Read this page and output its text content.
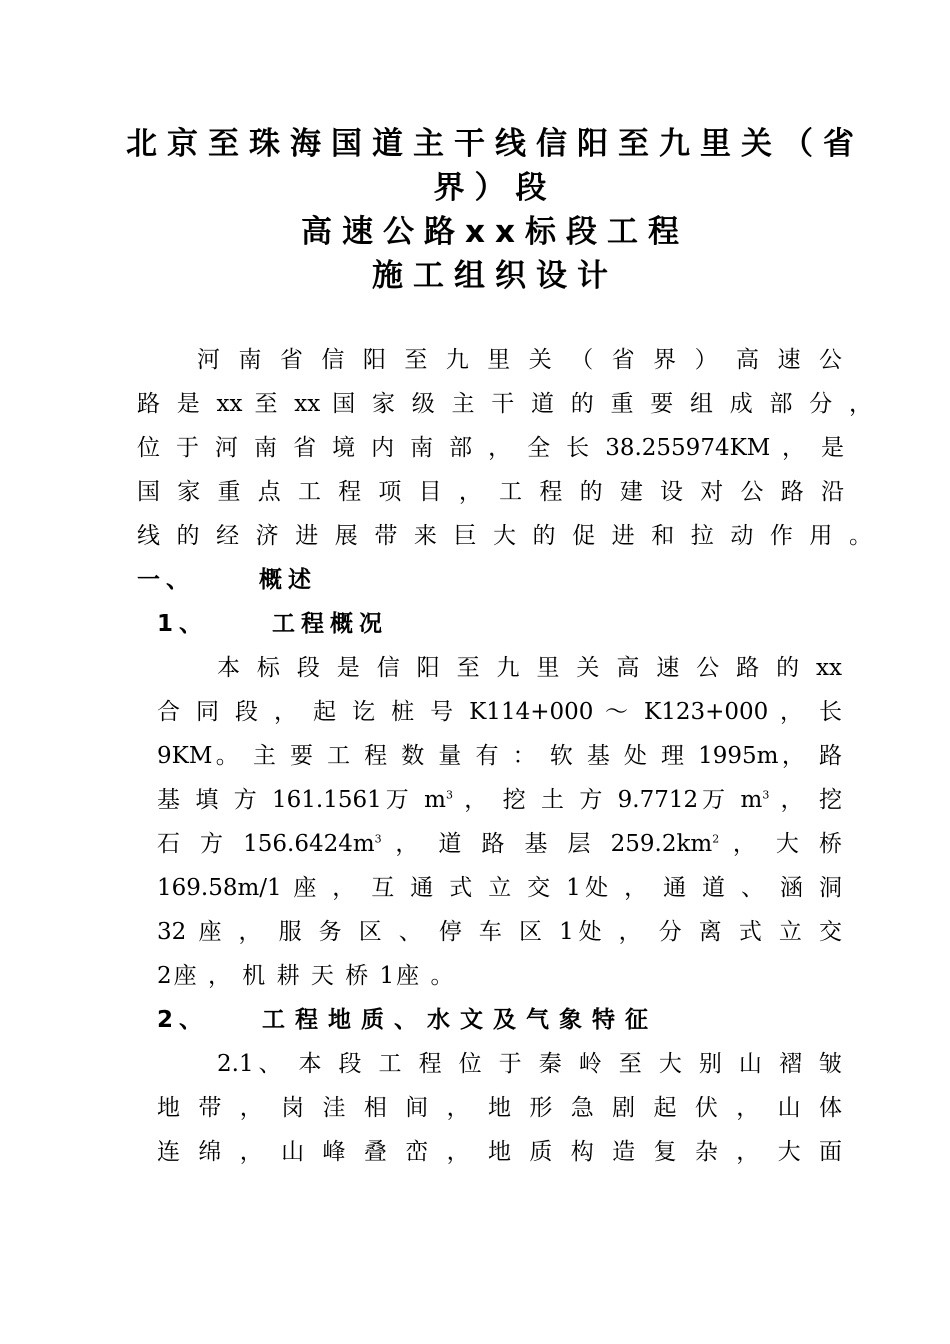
北京至珠海国道主干线信阳至九里关（省
界）段
高速公路xx标段工程
施工组织设计
河 南 省 信 阳 至 九 里 关 （ 省 界 ） 高 速 公
路 是 xx 至 xx 国 家 级 主 干 道 的 重 要 组 成 部 分 ，
位 于 河 南 省 境 内 南 部 ， 全 长 38.255974KM ， 是
国 家 重 点 工 程 项 目 ， 工 程 的 建 设 对 公 路 沿
线 的 经 济 进 展 带 来 巨 大 的 促 进 和 拉 动 作 用 。
一、	概述
1、	工程概况
本 标 段 是 信 阳 至 九 里 关 高 速 公 路 的 xx
合 同 段 ， 起 讫 桩 号 K114+000 ～ K123+000 ， 长
9KM。 主 要 工 程 数 量 有 ： 软 基 处 理 1995m， 路
基 填 方 161.1561万 $m^3$ ， 挖 土 方 9.7712万 $m^3$ ， 挖
石 方 $156.6424m^3$ ， 道 路 基 层 $259.2km^2$ ， 大 桥
169.58m/1 座 ， 互 通 式 立 交 1处 ， 通 道 、 涵 洞
32 座 ， 服 务 区 、 停 车 区 1处 ， 分 离 式 立 交
2座 ， 机 耕 天 桥 1座 。
2、 工程地质、水文及气象特征
2.1、 本 段 工 程 位 于 秦 岭 至 大 别 山 褶 皱
地 带 ， 岗 洼 相 间 ， 地 形 急 剧 起 伏 ， 山 体
连 绵 ， 山 峰 叠 峦 ， 地 质 构 造 复 杂 ， 大 面
